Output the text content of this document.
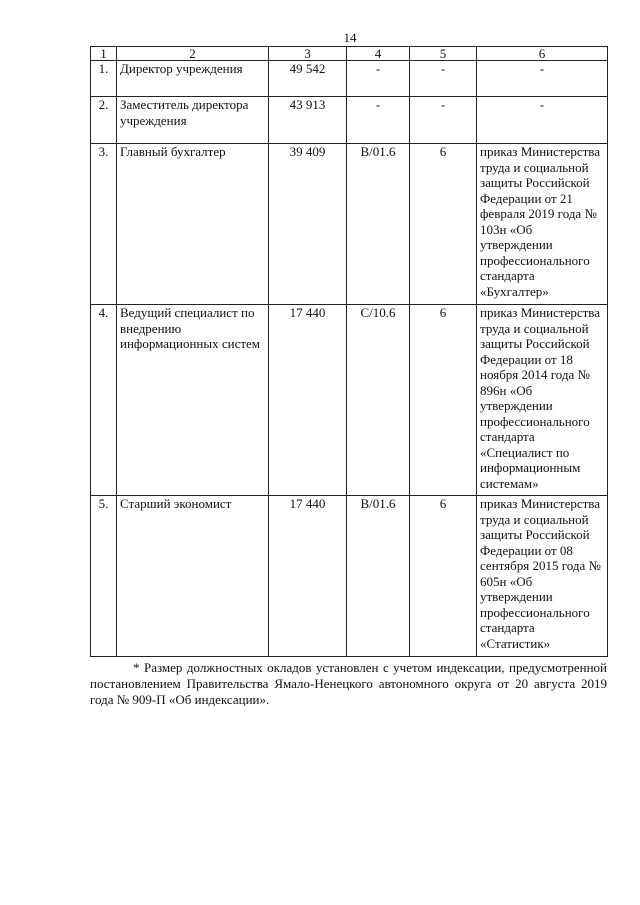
14
1	2	3	4	5	6
1.	Директор учреждения	49 542	-	-	-
2.	Заместитель директора учреждения	43 913	-	-	-
3.	Главный бухгалтер	39 409	B/01.6	6	приказ Министерства труда и социальной защиты Российской Федерации от 21 февраля 2019 года № 103н «Об утверждении профессионального стандарта «Бухгалтер»
4.	Ведущий специалист по внедрению информационных систем	17 440	C/10.6	6	приказ Министерства труда и социальной защиты Российской Федерации от 18 ноября 2014 года № 896н «Об утверждении профессионального стандарта «Специалист по информационным системам»
5.	Старший экономист	17 440	B/01.6	6	приказ Министерства труда и социальной защиты Российской Федерации от 08 сентября 2015 года № 605н «Об утверждении профессионального стандарта «Статистик»

* Размер должностных окладов установлен с учетом индексации, предусмотренной постановлением Правительства Ямало-Ненецкого автономного округа от 20 августа 2019 года № 909-П «Об индексации».
